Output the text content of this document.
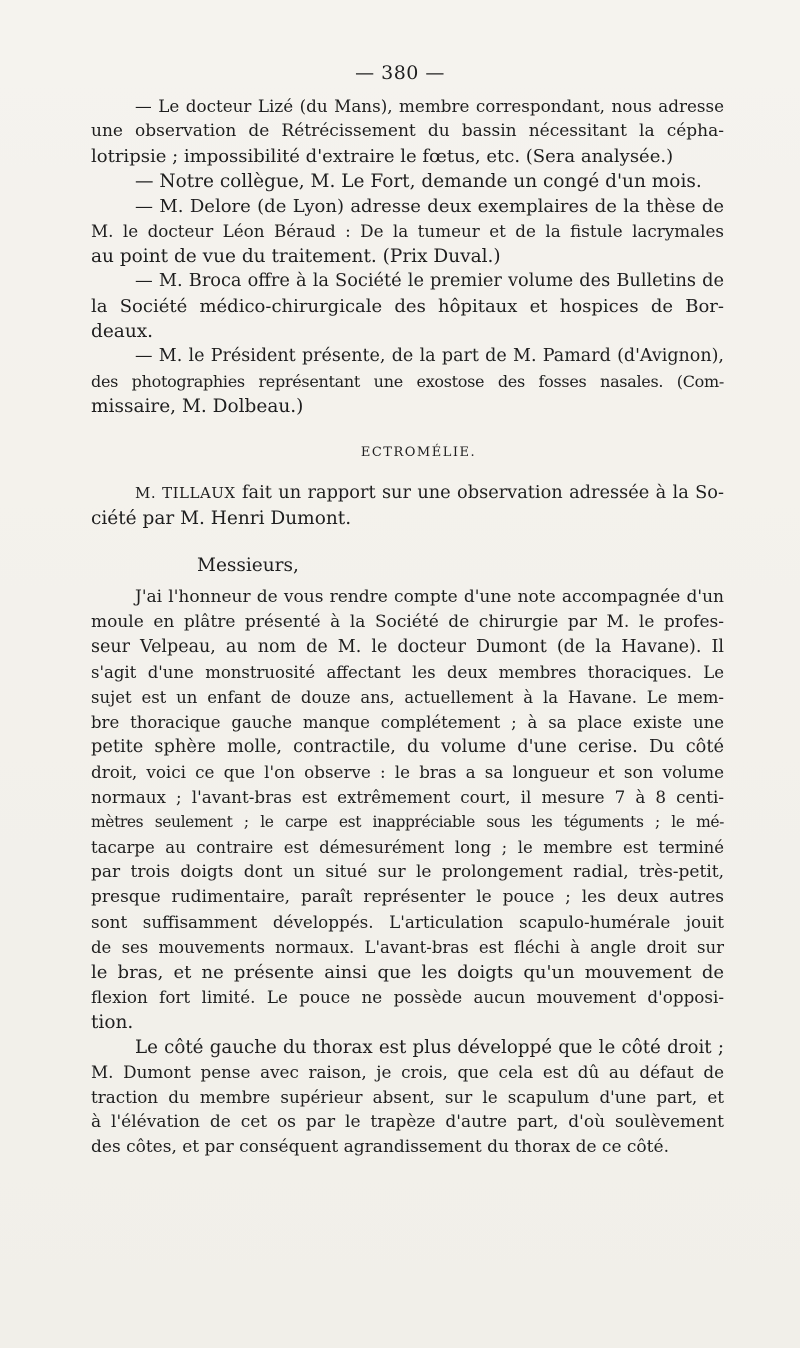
— 380 —
— Le docteur Lizé (du Mans), membre correspondant, nous adresse
une observation de Rétrécissement du bassin nécessitant la cépha-
lotripsie ; impossibilité d'extraire le fœtus, etc. (Sera analysée.)
— Notre collègue, M. Le Fort, demande un congé d'un mois.
— M. Delore (de Lyon) adresse deux exemplaires de la thèse de
M. le docteur Léon Béraud : De la tumeur et de la fistule lacrymales
au point de vue du traitement. (Prix Duval.)
— M. Broca offre à la Société le premier volume des Bulletins de
la Société médico-chirurgicale des hôpitaux et hospices de Bor-
deaux.
— M. le Président présente, de la part de M. Pamard (d'Avignon),
des photographies représentant une exostose des fosses nasales. (Com-
missaire, M. Dolbeau.)
ECTROMÉLIE.
M. TILLAUX fait un rapport sur une observation adressée à la So-
ciété par M. Henri Dumont.
Messieurs,
J'ai l'honneur de vous rendre compte d'une note accompagnée d'un
moule en plâtre présenté à la Société de chirurgie par M. le profes-
seur Velpeau, au nom de M. le docteur Dumont (de la Havane). Il
s'agit d'une monstruosité affectant les deux membres thoraciques. Le
sujet est un enfant de douze ans, actuellement à la Havane. Le mem-
bre thoracique gauche manque complétement ; à sa place existe une
petite sphère molle, contractile, du volume d'une cerise. Du côté
droit, voici ce que l'on observe : le bras a sa longueur et son volume
normaux ; l'avant-bras est extrêmement court, il mesure 7 à 8 centi-
mètres seulement ; le carpe est inappréciable sous les téguments ; le mé-
tacarpe au contraire est démesurément long ; le membre est terminé
par trois doigts dont un situé sur le prolongement radial, très-petit,
presque rudimentaire, paraît représenter le pouce ; les deux autres
sont suffisamment développés. L'articulation scapulo-humérale jouit
de ses mouvements normaux. L'avant-bras est fléchi à angle droit sur
le bras, et ne présente ainsi que les doigts qu'un mouvement de
flexion fort limité. Le pouce ne possède aucun mouvement d'opposi-
tion.
Le côté gauche du thorax est plus développé que le côté droit ;
M. Dumont pense avec raison, je crois, que cela est dû au défaut de
traction du membre supérieur absent, sur le scapulum d'une part, et
à l'élévation de cet os par le trapèze d'autre part, d'où soulèvement
des côtes, et par conséquent agrandissement du thorax de ce côté.
